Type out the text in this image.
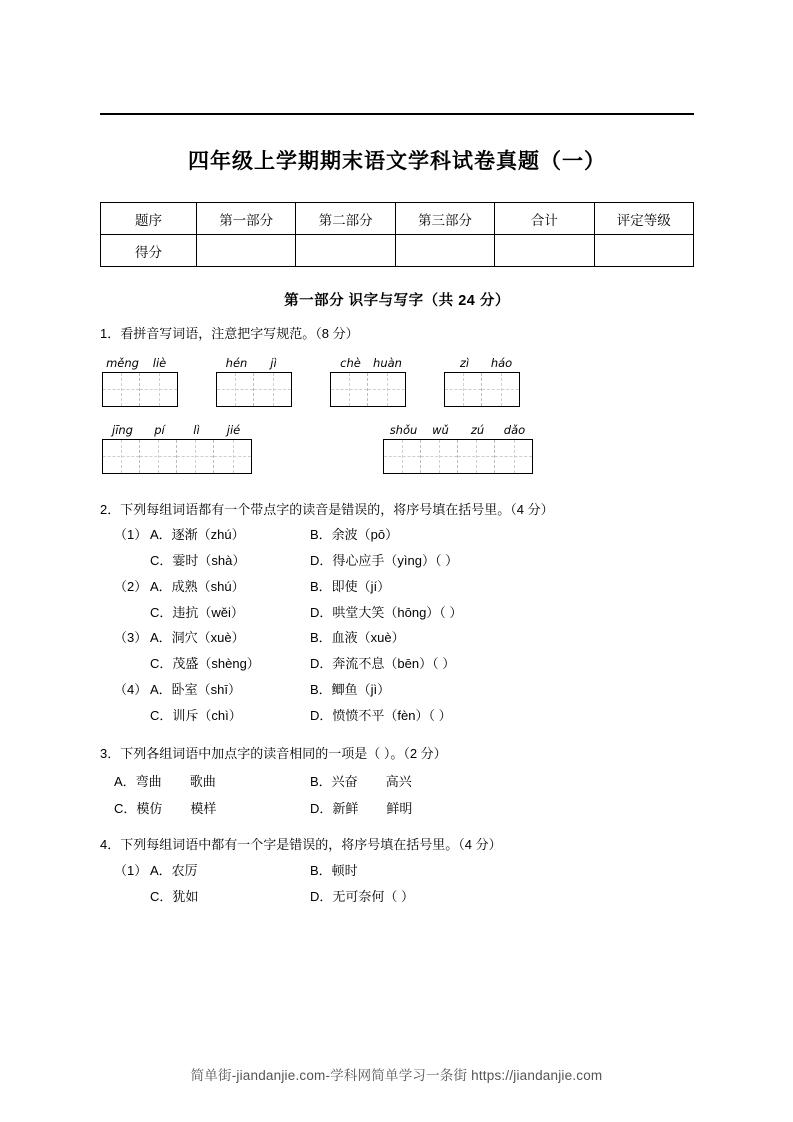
四年级上学期期末语文学科试卷真题（一）
题序	第一部分	第二部分	第三部分	合计	评定等级
得分					
第一部分 识字与写字（共 24 分）
1．看拼音写词语，注意把字写规范。（8 分）
měng	liè	hén	jì	chè	huàn	zì	háo
jīng	pí	lì	jié	shǒu	wǔ	zú	dǎo
2．下列每组词语都有一个带点字的读音是错误的，将序号填在括号里。（4 分）
（1） A．逐渐（zhú）	B．余波（pō）
C．霎时（shà）	D．得心应手（yìng）（ ）
（2） A．成熟（shú）	B．即使（jí）
C．违抗（wěi）	D．哄堂大笑（hōng）（ ）
（3） A．洞穴（xuè）	B．血液（xuè）
C．茂盛（shèng）	D．奔流不息（bēn）（ ）
（4） A．卧室（shī）	B．鲫鱼（jì）
C．训斥（chì）	D．愤愤不平（fèn）（ ）
3．下列各组词语中加点字的读音相同的一项是（ ）。（2 分）
A．弯曲 歌曲	B．兴奋 高兴
C．模仿 模样	D．新鲜 鲜明
4．下列每组词语中都有一个字是错误的，将序号填在括号里。（4 分）
（1） A．农厉	B．顿时
C．犹如	D．无可奈何（ ）
简单街-jiandanjie.com-学科网简单学习一条街 https://jiandanjie.com
